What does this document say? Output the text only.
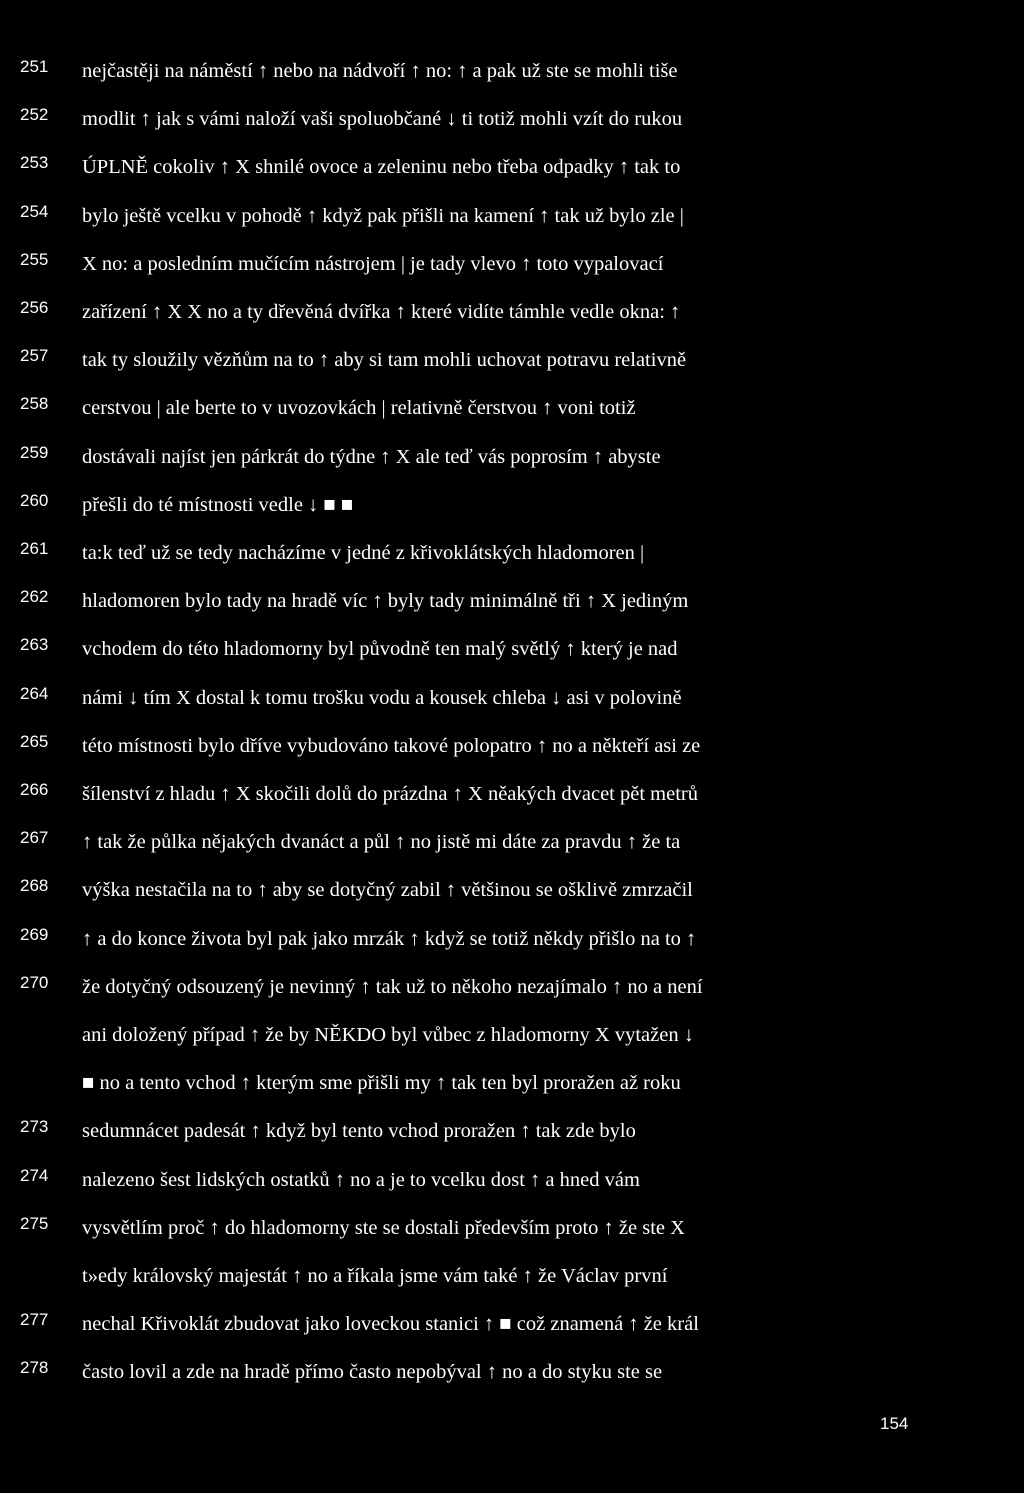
251 nejčastěji na náměstí ↑ nebo na nádvoří ↑ no: ↑ a pak už ste se mohli tiše
252 modlit ↑ jak s vámi naloží vaši spoluobčané ↓ ti totiž mohli vzít do rukou
253 ÚPLNĚ cokoliv ↑ X shnilé ovoce a zeleninu nebo třeba odpadky ↑ tak to
254 bylo ještě vcelku v pohodě ↑ když pak přišli na kamení ↑ tak už bylo zle |
255 X no: a posledním mučícím nástrojem | je tady vlevo ↑ toto vypalovací
256 zařízení ↑ X X no a ty dřevěná dvířka ↑ které vidíte támhle vedle okna: ↑
257 tak ty sloužily vězňům na to ↑ aby si tam mohli uchovat potravu relativně
258 cerstvou | ale berte to v uvozovkách | relativně čerstvou ↑ voni totiž
259 dostávali najíst jen párkrát do týdne ↑ X ale teď vás poprosím ↑ abyste
260 přešli do té místnosti vedle ↓ ■ ■
261 ta:k teď už se tedy nacházíme v jedné z křivoklátských hladomoren |
262 hladomoren bylo tady na hradě víc ↑ byly tady minimálně tři ↑ X jediným
263 vchodem do této hladomorny byl původně ten malý světlý ↑ který je nad
264 námi ↓ tím X dostal k tomu trošku vodu a kousek chleba ↓ asi v polovině
265 této místnosti bylo dříve vybudováno takové polopatro ↑ no a někteří asi ze
266 šílenství z hladu ↑ X skočili dolů do prázdna ↑ X něakých dvacet pět metrů
267 ↑ tak že půlka nějakých dvanáct a půl ↑ no jistě mi dáte za pravdu ↑ že ta
268 výška nestačila na to ↑ aby se dotyčný zabil ↑ většinou se ošklivě zmrzačil
269 ↑ a do konce života byl pak jako mrzák ↑ když se totiž někdy přišlo na to ↑
270 že dotyčný odsouzený je nevinný ↑ tak už to někoho nezajímalo ↑ no a není
ani doložený případ ↑ že by NĚKDO byl vůbec z hladomorny X vytažen ↓
■ no a tento vchod ↑ kterým sme přišli my ↑ tak ten byl proražen až roku
273 sedumnácet padesát ↑ když byl tento vchod proražen ↑ tak zde bylo
274 nalezeno šest lidských ostatků ↑ no a je to vcelku dost ↑ a hned vám
275 vysvětlím proč ↑ do hladomorny ste se dostali především proto ↑ že ste X
t»edy královský majestát ↑ no a říkala jsme vám také ↑ že Václav první
277 nechal Křivoklát zbudovat jako loveckou stanici ↑ ■ což znamená ↑ že král
278 často lovil a zde na hradě přímo často nepobýval ↑ no a do styku ste se
154
